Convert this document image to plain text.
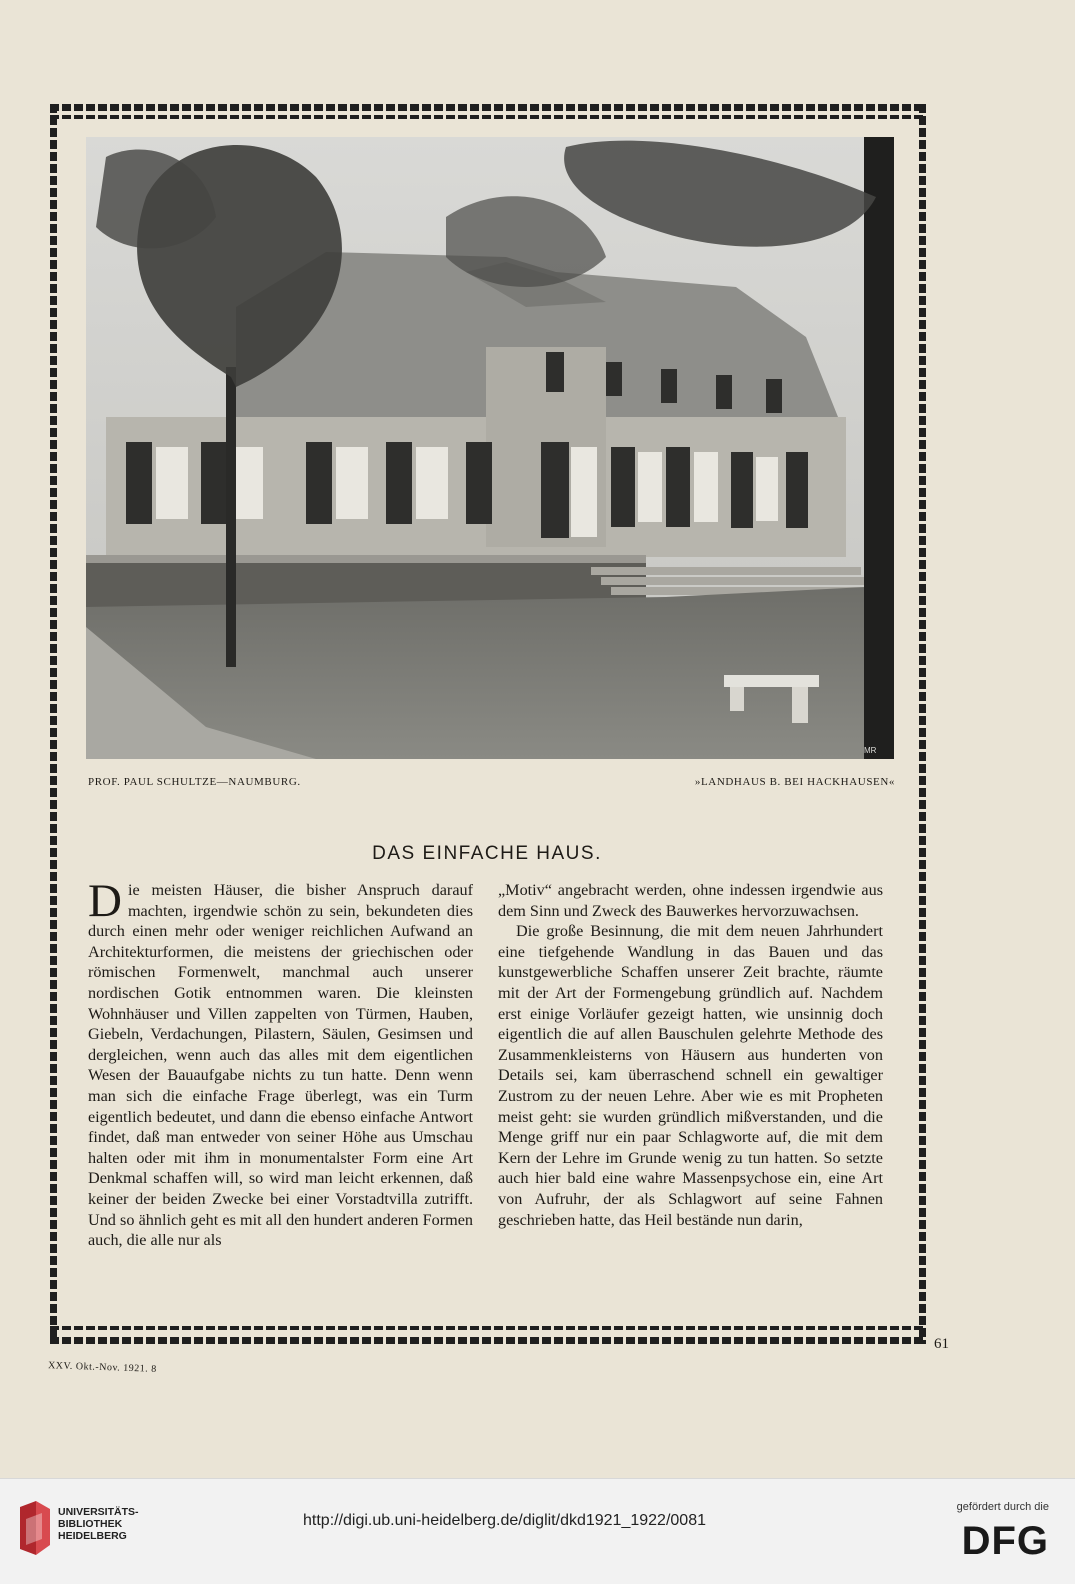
MR
PROF. PAUL SCHULTZE—NAUMBURG.	»LANDHAUS B. BEI HACKHAUSEN«
DAS EINFACHE HAUS.

Die meisten Häuser, die bisher Anspruch darauf machten, irgendwie schön zu sein, bekundeten dies durch einen mehr oder weniger reichlichen Aufwand an Architekturformen, die meistens der griechischen oder römischen Formenwelt, manchmal auch unserer nordischen Gotik entnommen waren. Die kleinsten Wohnhäuser und Villen zappelten von Türmen, Hauben, Giebeln, Verdachungen, Pilastern, Säulen, Gesimsen und dergleichen, wenn auch das alles mit dem eigentlichen Wesen der Bauaufgabe nichts zu tun hatte. Denn wenn man sich die einfache Frage überlegt, was ein Turm eigentlich bedeutet, und dann die ebenso einfache Antwort findet, daß man entweder von seiner Höhe aus Umschau halten oder mit ihm in monumentalster Form eine Art Denkmal schaffen will, so wird man leicht erkennen, daß keiner der beiden Zwecke bei einer Vorstadtvilla zutrifft. Und so ähnlich geht es mit all den hundert anderen Formen auch, die alle nur als

„Motiv“ angebracht werden, ohne indessen irgendwie aus dem Sinn und Zweck des Bauwerkes hervorzuwachsen.

Die große Besinnung, die mit dem neuen Jahrhundert eine tiefgehende Wandlung in das Bauen und das kunstgewerbliche Schaffen unserer Zeit brachte, räumte mit der Art der Formengebung gründlich auf. Nachdem erst einige Vorläufer gezeigt hatten, wie unsinnig doch eigentlich die auf allen Bauschulen gelehrte Methode des Zusammenkleisterns von Häusern aus hunderten von Details sei, kam überraschend schnell ein gewaltiger Zustrom zu der neuen Lehre. Aber wie es mit Propheten meist geht: sie wurden gründlich mißverstanden, und die Menge griff nur ein paar Schlagworte auf, die mit dem Kern der Lehre im Grunde wenig zu tun hatten. So setzte auch hier bald eine wahre Massenpsychose ein, eine Art von Aufruhr, der als Schlagwort auf seine Fahnen geschrieben hatte, das Heil bestände nun darin,

61
XXV. Okt.-Nov. 1921. 8
UNIVERSITÄTS-
BIBLIOTHEK
HEIDELBERG
http://digi.ub.uni-heidelberg.de/diglit/dkd1921_1922/0081
gefördert durch die
DFG
